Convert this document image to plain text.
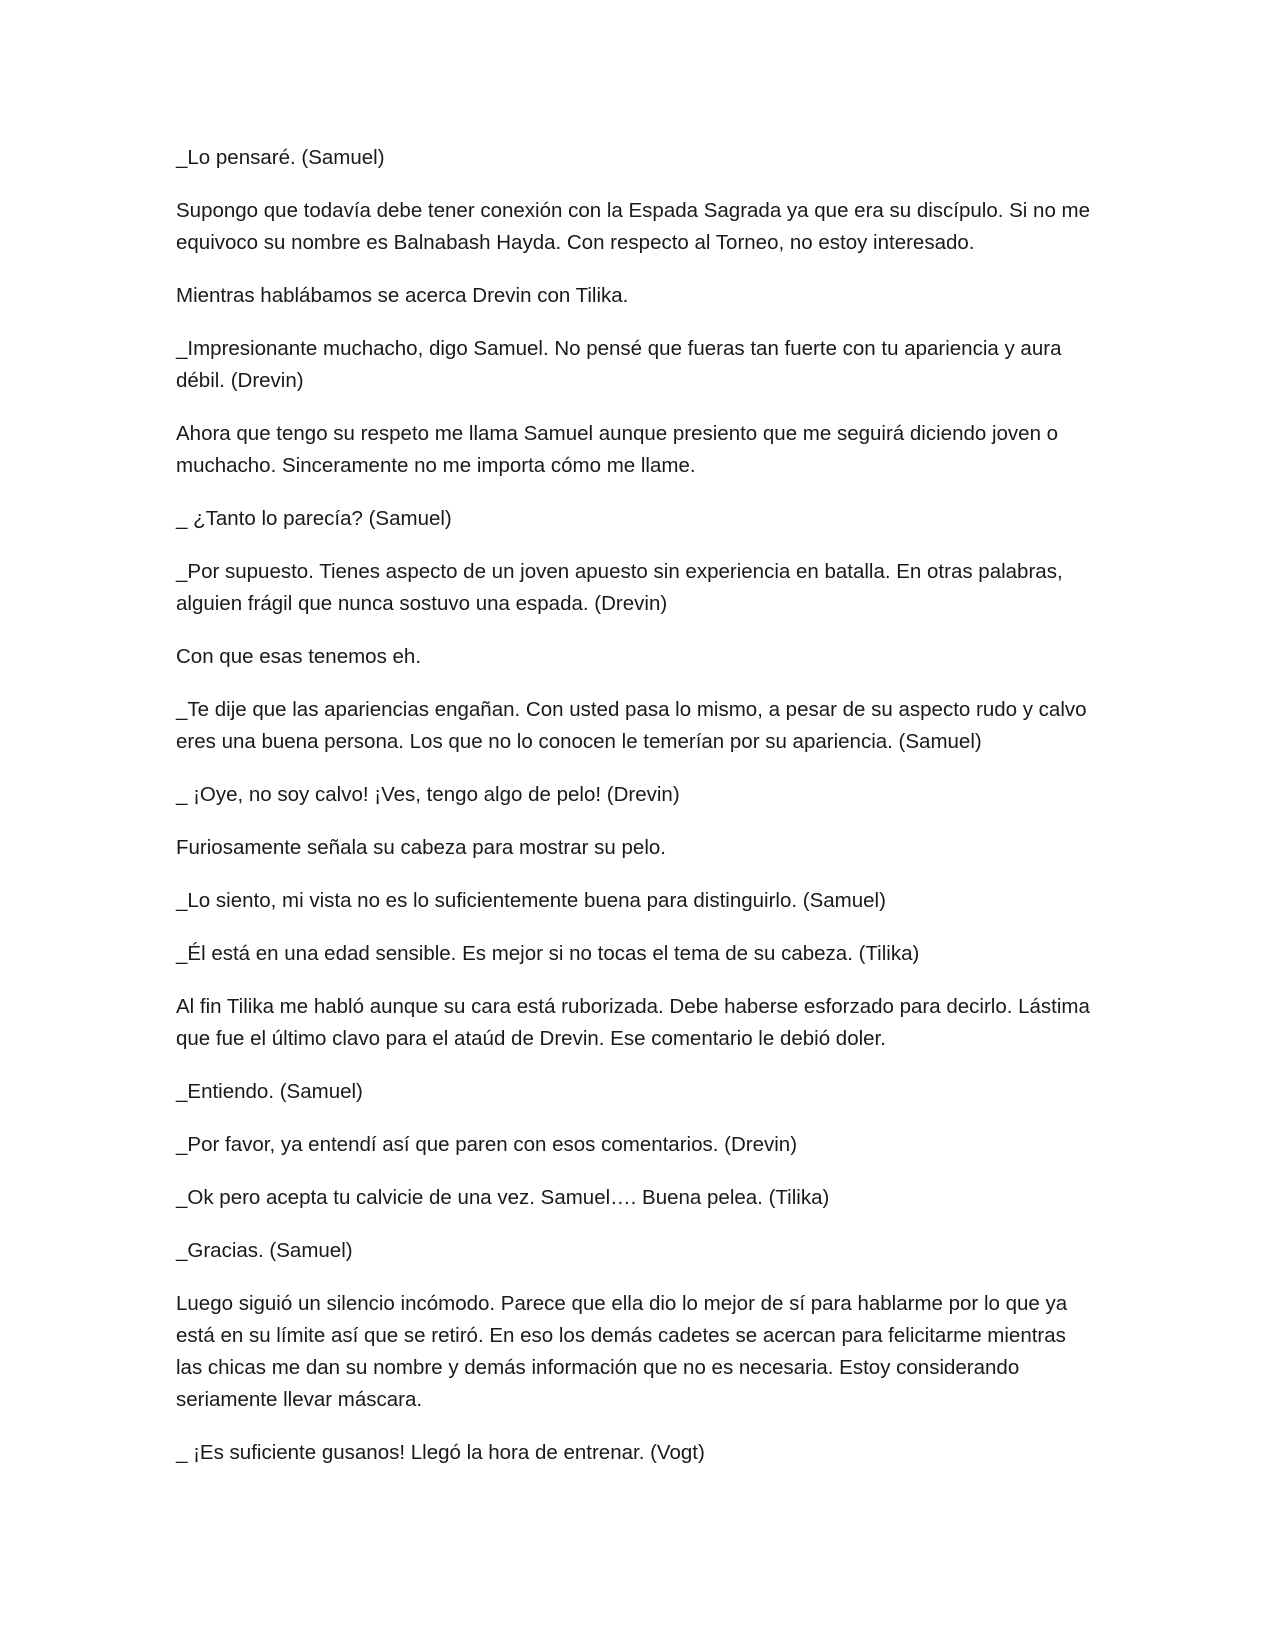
_Lo pensaré. (Samuel)

Supongo que todavía debe tener conexión con la Espada Sagrada ya que era su discípulo. Si no me equivoco su nombre es Balnabash Hayda. Con respecto al Torneo, no estoy interesado.

Mientras hablábamos se acerca Drevin con Tilika.

_Impresionante muchacho, digo Samuel. No pensé que fueras tan fuerte con tu apariencia y aura débil. (Drevin)

Ahora que tengo su respeto me llama Samuel aunque presiento que me seguirá diciendo joven o muchacho. Sinceramente no me importa cómo me llame.

_ ¿Tanto lo parecía? (Samuel)

_Por supuesto. Tienes aspecto de un joven apuesto sin experiencia en batalla. En otras palabras, alguien frágil que nunca sostuvo una espada. (Drevin)

Con que esas tenemos eh.

_Te dije que las apariencias engañan. Con usted pasa lo mismo, a pesar de su aspecto rudo y calvo eres una buena persona. Los que no lo conocen le temerían por su apariencia. (Samuel)

_ ¡Oye, no soy calvo! ¡Ves, tengo algo de pelo! (Drevin)

Furiosamente señala su cabeza para mostrar su pelo.

_Lo siento, mi vista no es lo suficientemente buena para distinguirlo. (Samuel)

_Él está en una edad sensible. Es mejor si no tocas el tema de su cabeza. (Tilika)

Al fin Tilika me habló aunque su cara está ruborizada. Debe haberse esforzado para decirlo. Lástima que fue el último clavo para el ataúd de Drevin. Ese comentario le debió doler.

_Entiendo. (Samuel)

_Por favor, ya entendí así que paren con esos comentarios. (Drevin)

_Ok pero acepta tu calvicie de una vez. Samuel…. Buena pelea. (Tilika)

_Gracias. (Samuel)

Luego siguió un silencio incómodo. Parece que ella dio lo mejor de sí para hablarme por lo que ya está en su límite así que se retiró. En eso los demás cadetes se acercan para felicitarme mientras las chicas me dan su nombre y demás información que no es necesaria. Estoy considerando seriamente llevar máscara.

_ ¡Es suficiente gusanos! Llegó la hora de entrenar. (Vogt)
